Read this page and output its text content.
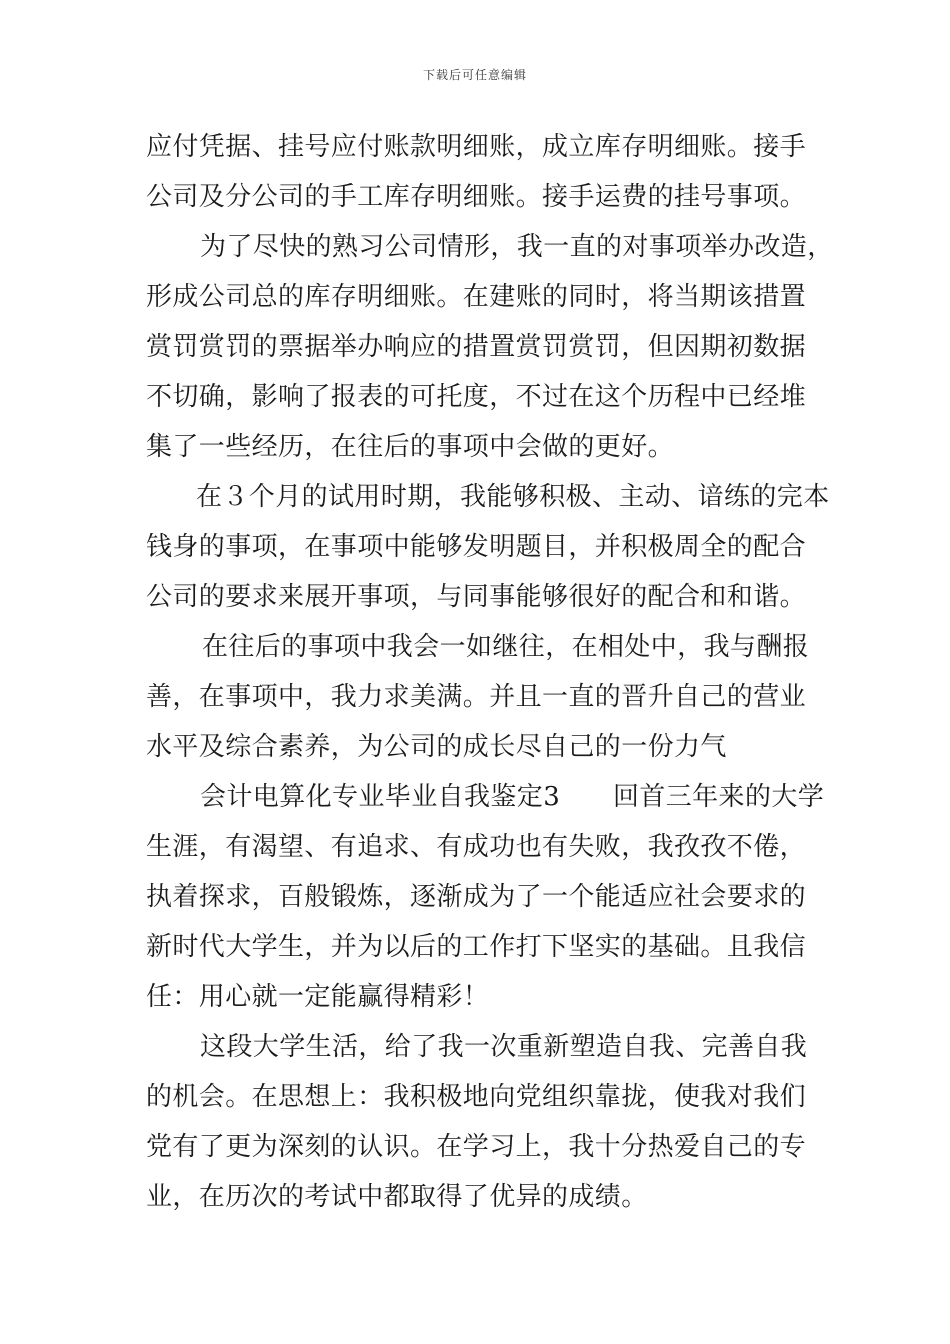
下载后可任意编辑
应付凭据、挂号应付账款明细账，成立库存明细账。接手
公司及分公司的手工库存明细账。接手运费的挂号事项。
为了尽快的熟习公司情形，我一直的对事项举办改造，
形成公司总的库存明细账。在建账的同时，将当期该措置
赏罚赏罚的票据举办响应的措置赏罚赏罚，但因期初数据
不切确，影响了报表的可托度，不过在这个历程中已经堆
集了一些经历，在往后的事项中会做的更好。
在３个月的试用时期，我能够积极、主动、谙练的完本
钱身的事项，在事项中能够发明题目，并积极周全的配合
公司的要求来展开事项，与同事能够很好的配合和和谐。
在往后的事项中我会一如继往，在相处中，我与酬报
善，在事项中，我力求美满。并且一直的晋升自己的营业
水平及综合素养，为公司的成长尽自己的一份力气
会计电算化专业毕业自我鉴定3　　回首三年来的大学
生涯，有渴望、有追求、有成功也有失败，我孜孜不倦，
执着探求，百般锻炼，逐渐成为了一个能适应社会要求的
新时代大学生，并为以后的工作打下坚实的基础。且我信
任：用心就一定能赢得精彩！
这段大学生活，给了我一次重新塑造自我、完善自我
的机会。在思想上：我积极地向党组织靠拢，使我对我们
党有了更为深刻的认识。在学习上，我十分热爱自己的专
业，在历次的考试中都取得了优异的成绩。
